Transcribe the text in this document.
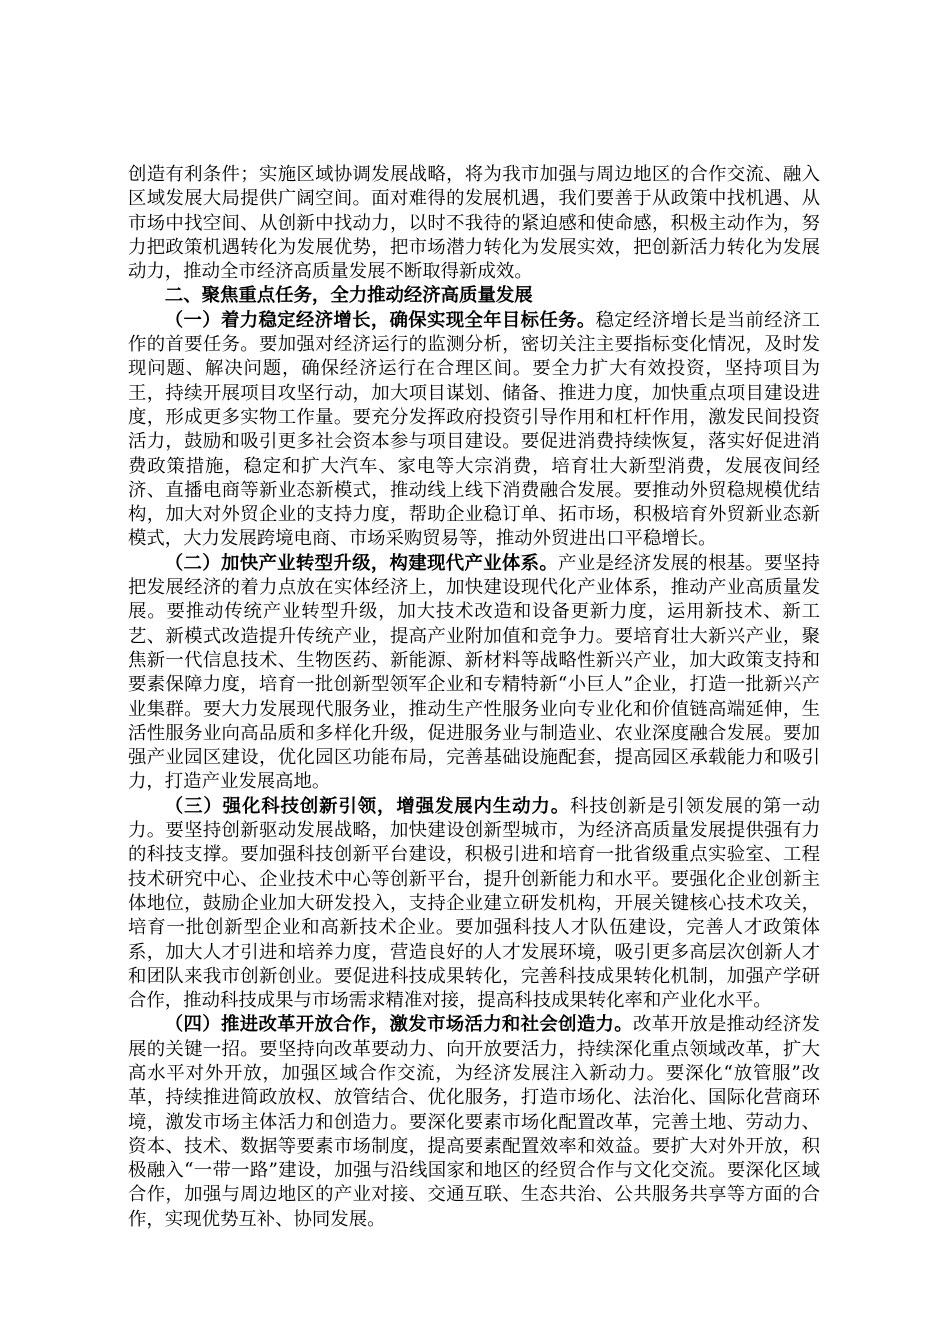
创造有利条件；实施区域协调发展战略，将为我市加强与周边地区的合作交流、融入区域发展大局提供广阔空间。面对难得的发展机遇，我们要善于从政策中找机遇、从市场中找空间、从创新中找动力，以时不我待的紧迫感和使命感，积极主动作为，努力把政策机遇转化为发展优势，把市场潜力转化为发展实效，把创新活力转化为发展动力，推动全市经济高质量发展不断取得新成效。

二、聚焦重点任务，全力推动经济高质量发展

（一）着力稳定经济增长，确保实现全年目标任务。稳定经济增长是当前经济工作的首要任务。要加强对经济运行的监测分析，密切关注主要指标变化情况，及时发现问题、解决问题，确保经济运行在合理区间。要全力扩大有效投资，坚持项目为王，持续开展项目攻坚行动，加大项目谋划、储备、推进力度，加快重点项目建设进度，形成更多实物工作量。要充分发挥政府投资引导作用和杠杆作用，激发民间投资活力，鼓励和吸引更多社会资本参与项目建设。要促进消费持续恢复，落实好促进消费政策措施，稳定和扩大汽车、家电等大宗消费，培育壮大新型消费，发展夜间经济、直播电商等新业态新模式，推动线上线下消费融合发展。要推动外贸稳规模优结构，加大对外贸企业的支持力度，帮助企业稳订单、拓市场，积极培育外贸新业态新模式，大力发展跨境电商、市场采购贸易等，推动外贸进出口平稳增长。

（二）加快产业转型升级，构建现代产业体系。产业是经济发展的根基。要坚持把发展经济的着力点放在实体经济上，加快建设现代化产业体系，推动产业高质量发展。要推动传统产业转型升级，加大技术改造和设备更新力度，运用新技术、新工艺、新模式改造提升传统产业，提高产业附加值和竞争力。要培育壮大新兴产业，聚焦新一代信息技术、生物医药、新能源、新材料等战略性新兴产业，加大政策支持和要素保障力度，培育一批创新型领军企业和专精特新“小巨人”企业，打造一批新兴产业集群。要大力发展现代服务业，推动生产性服务业向专业化和价值链高端延伸，生活性服务业向高品质和多样化升级，促进服务业与制造业、农业深度融合发展。要加强产业园区建设，优化园区功能布局，完善基础设施配套，提高园区承载能力和吸引力，打造产业发展高地。

（三）强化科技创新引领，增强发展内生动力。科技创新是引领发展的第一动力。要坚持创新驱动发展战略，加快建设创新型城市，为经济高质量发展提供强有力的科技支撑。要加强科技创新平台建设，积极引进和培育一批省级重点实验室、工程技术研究中心、企业技术中心等创新平台，提升创新能力和水平。要强化企业创新主体地位，鼓励企业加大研发投入，支持企业建立研发机构，开展关键核心技术攻关，培育一批创新型企业和高新技术企业。要加强科技人才队伍建设，完善人才政策体系，加大人才引进和培养力度，营造良好的人才发展环境，吸引更多高层次创新人才和团队来我市创新创业。要促进科技成果转化，完善科技成果转化机制，加强产学研合作，推动科技成果与市场需求精准对接，提高科技成果转化率和产业化水平。

（四）推进改革开放合作，激发市场活力和社会创造力。改革开放是推动经济发展的关键一招。要坚持向改革要动力、向开放要活力，持续深化重点领域改革，扩大高水平对外开放，加强区域合作交流，为经济发展注入新动力。要深化“放管服”改革，持续推进简政放权、放管结合、优化服务，打造市场化、法治化、国际化营商环境，激发市场主体活力和创造力。要深化要素市场化配置改革，完善土地、劳动力、资本、技术、数据等要素市场制度，提高要素配置效率和效益。要扩大对外开放，积极融入“一带一路”建设，加强与沿线国家和地区的经贸合作与文化交流。要深化区域合作，加强与周边地区的产业对接、交通互联、生态共治、公共服务共享等方面的合作，实现优势互补、协同发展。
